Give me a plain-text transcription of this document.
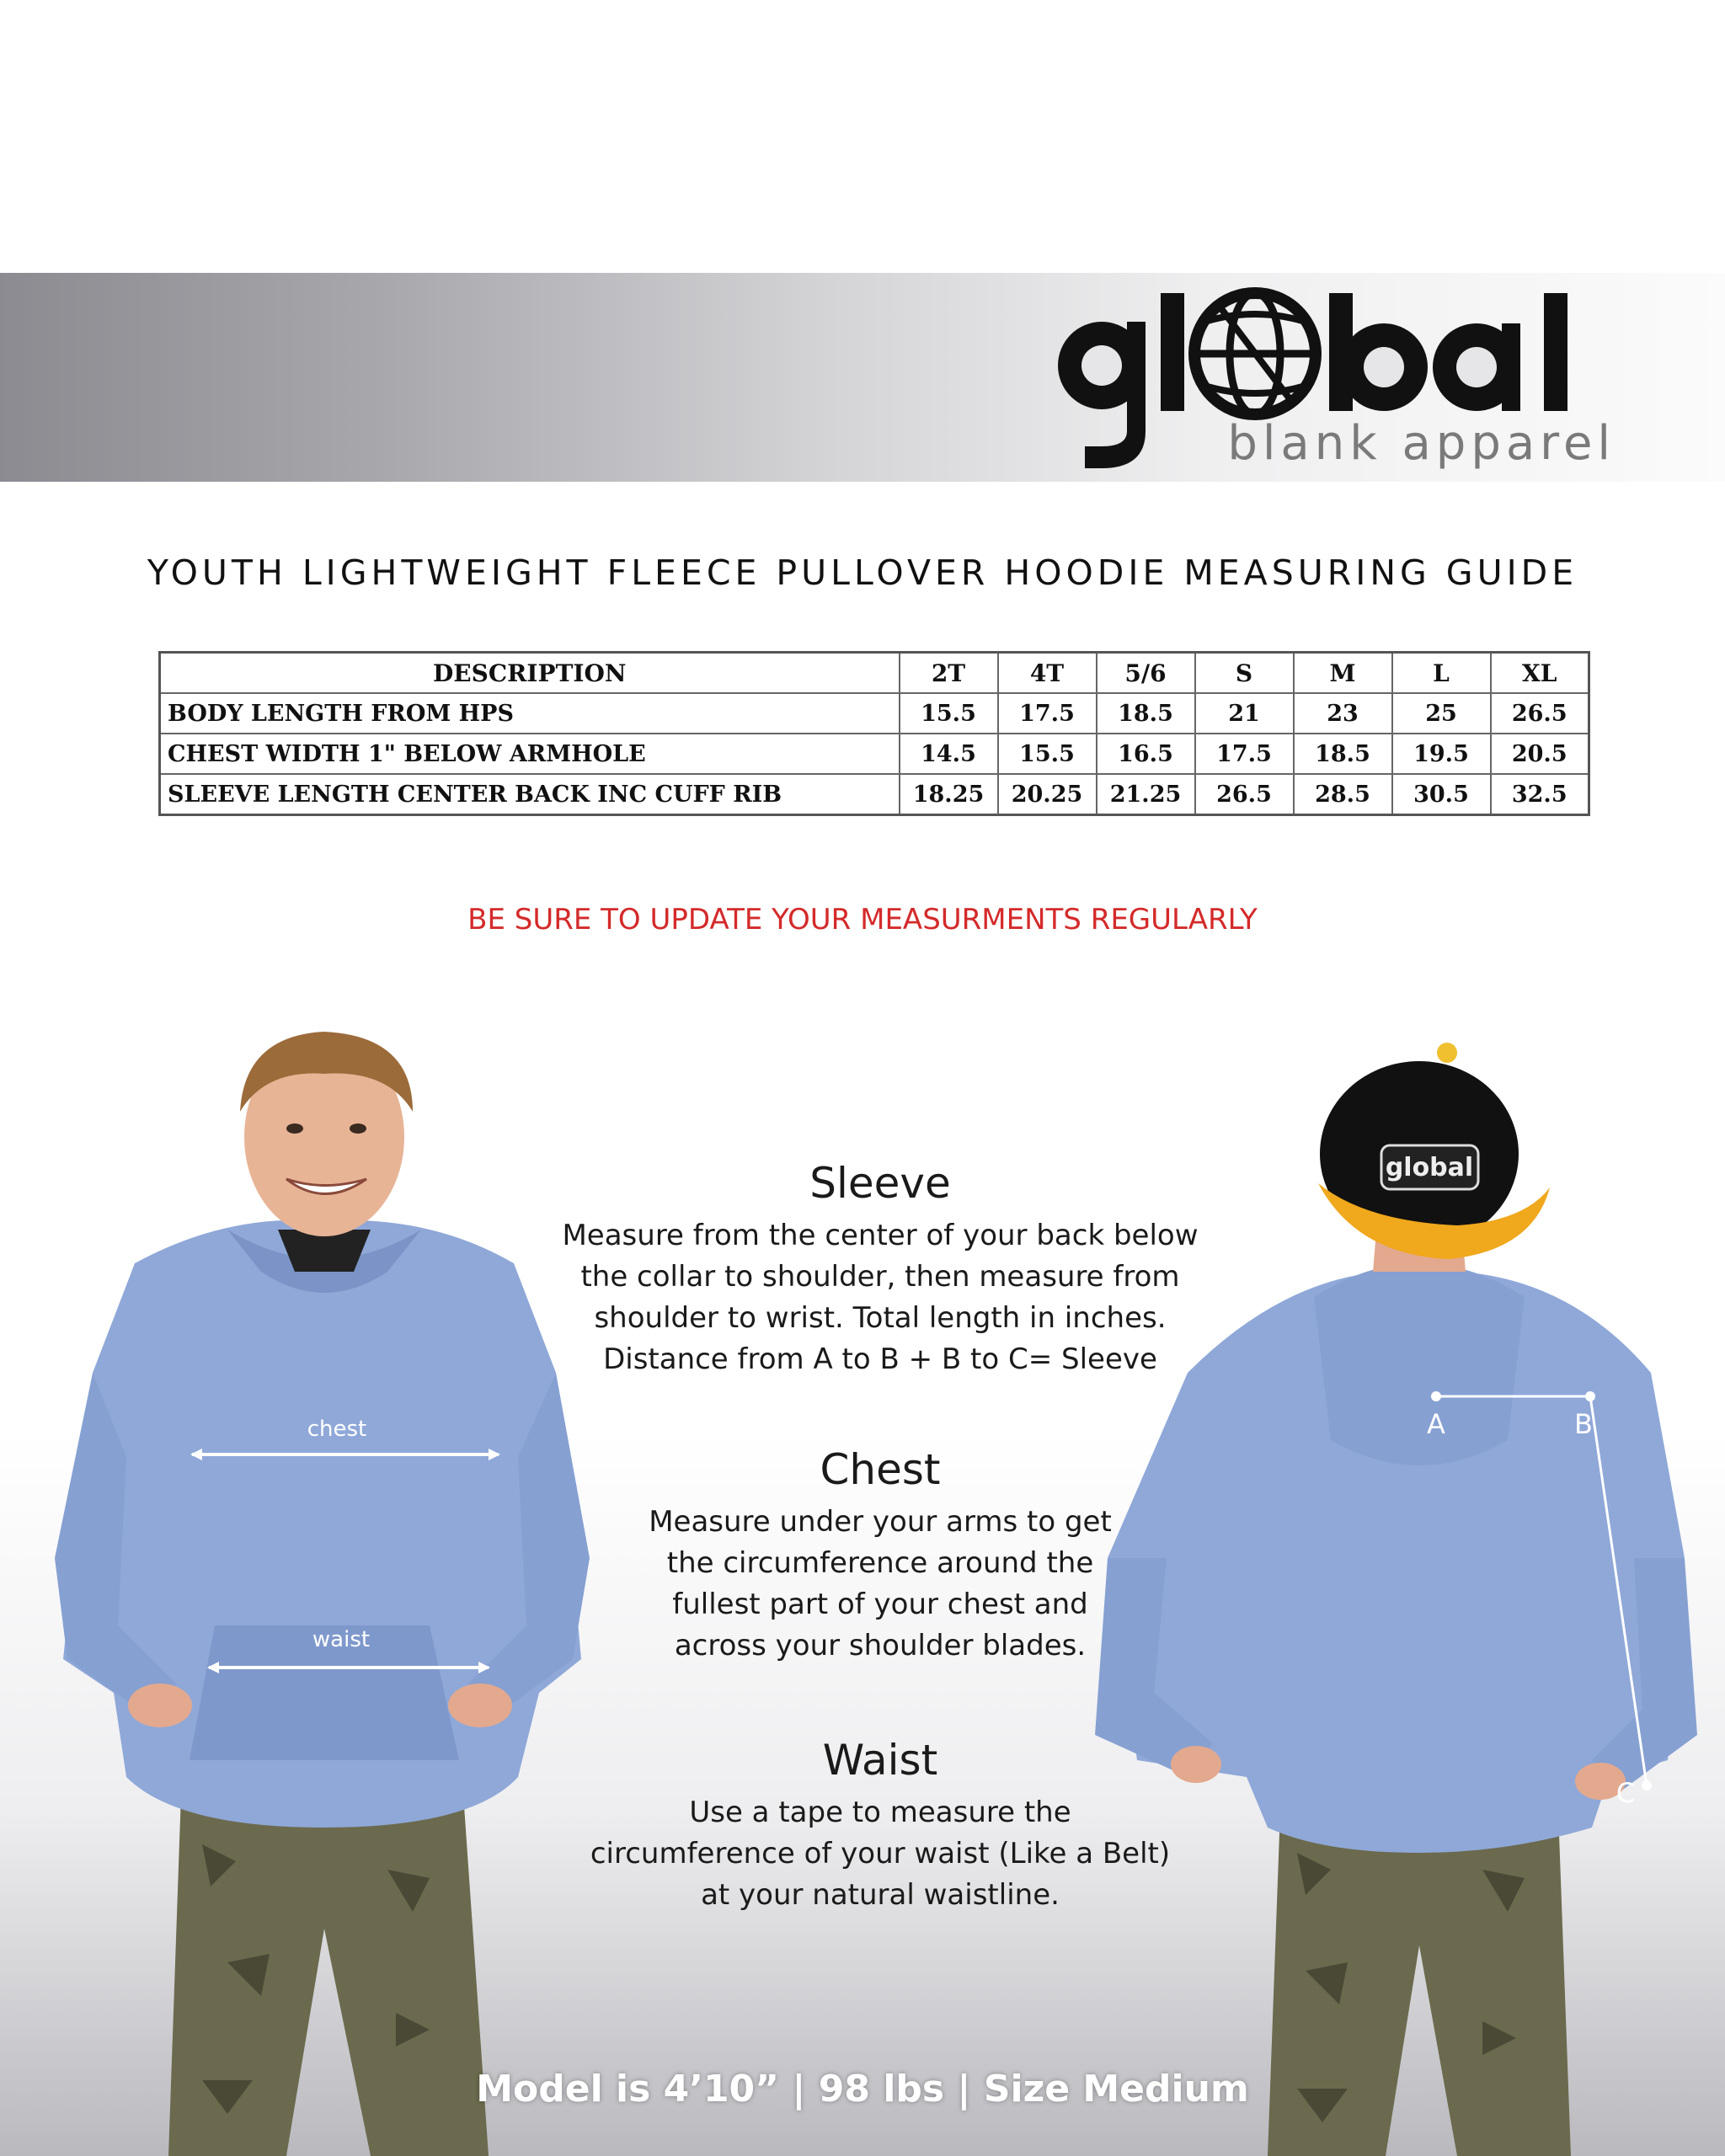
blank apparel
YOUTH LIGHTWEIGHT FLEECE PULLOVER HOODIE MEASURING GUIDE
DESCRIPTION	2T	4T	5/6	S	M	L	XL
BODY LENGTH FROM HPS	15.5	17.5	18.5	21	23	25	26.5
CHEST WIDTH 1" BELOW ARMHOLE	14.5	15.5	16.5	17.5	18.5	19.5	20.5
SLEEVE LENGTH CENTER BACK INC CUFF RIB	18.25	20.25	21.25	26.5	28.5	30.5	32.5
BE SURE TO UPDATE YOUR MEASURMENTS REGULARLY
chest
waist
Sleeve

Measure from the center of your back below
the collar to shoulder, then measure from
shoulder to wrist. Total length in inches.
Distance from A to B + B to C= Sleeve

Chest

Measure under your arms to get
the circumference around the
fullest part of your chest and
across your shoulder blades.

Waist

Use a tape to measure the
circumference of your waist (Like a Belt)
at your natural waistline.

global
A	B
C
Model is 4’10” | 98 lbs | Size Medium
